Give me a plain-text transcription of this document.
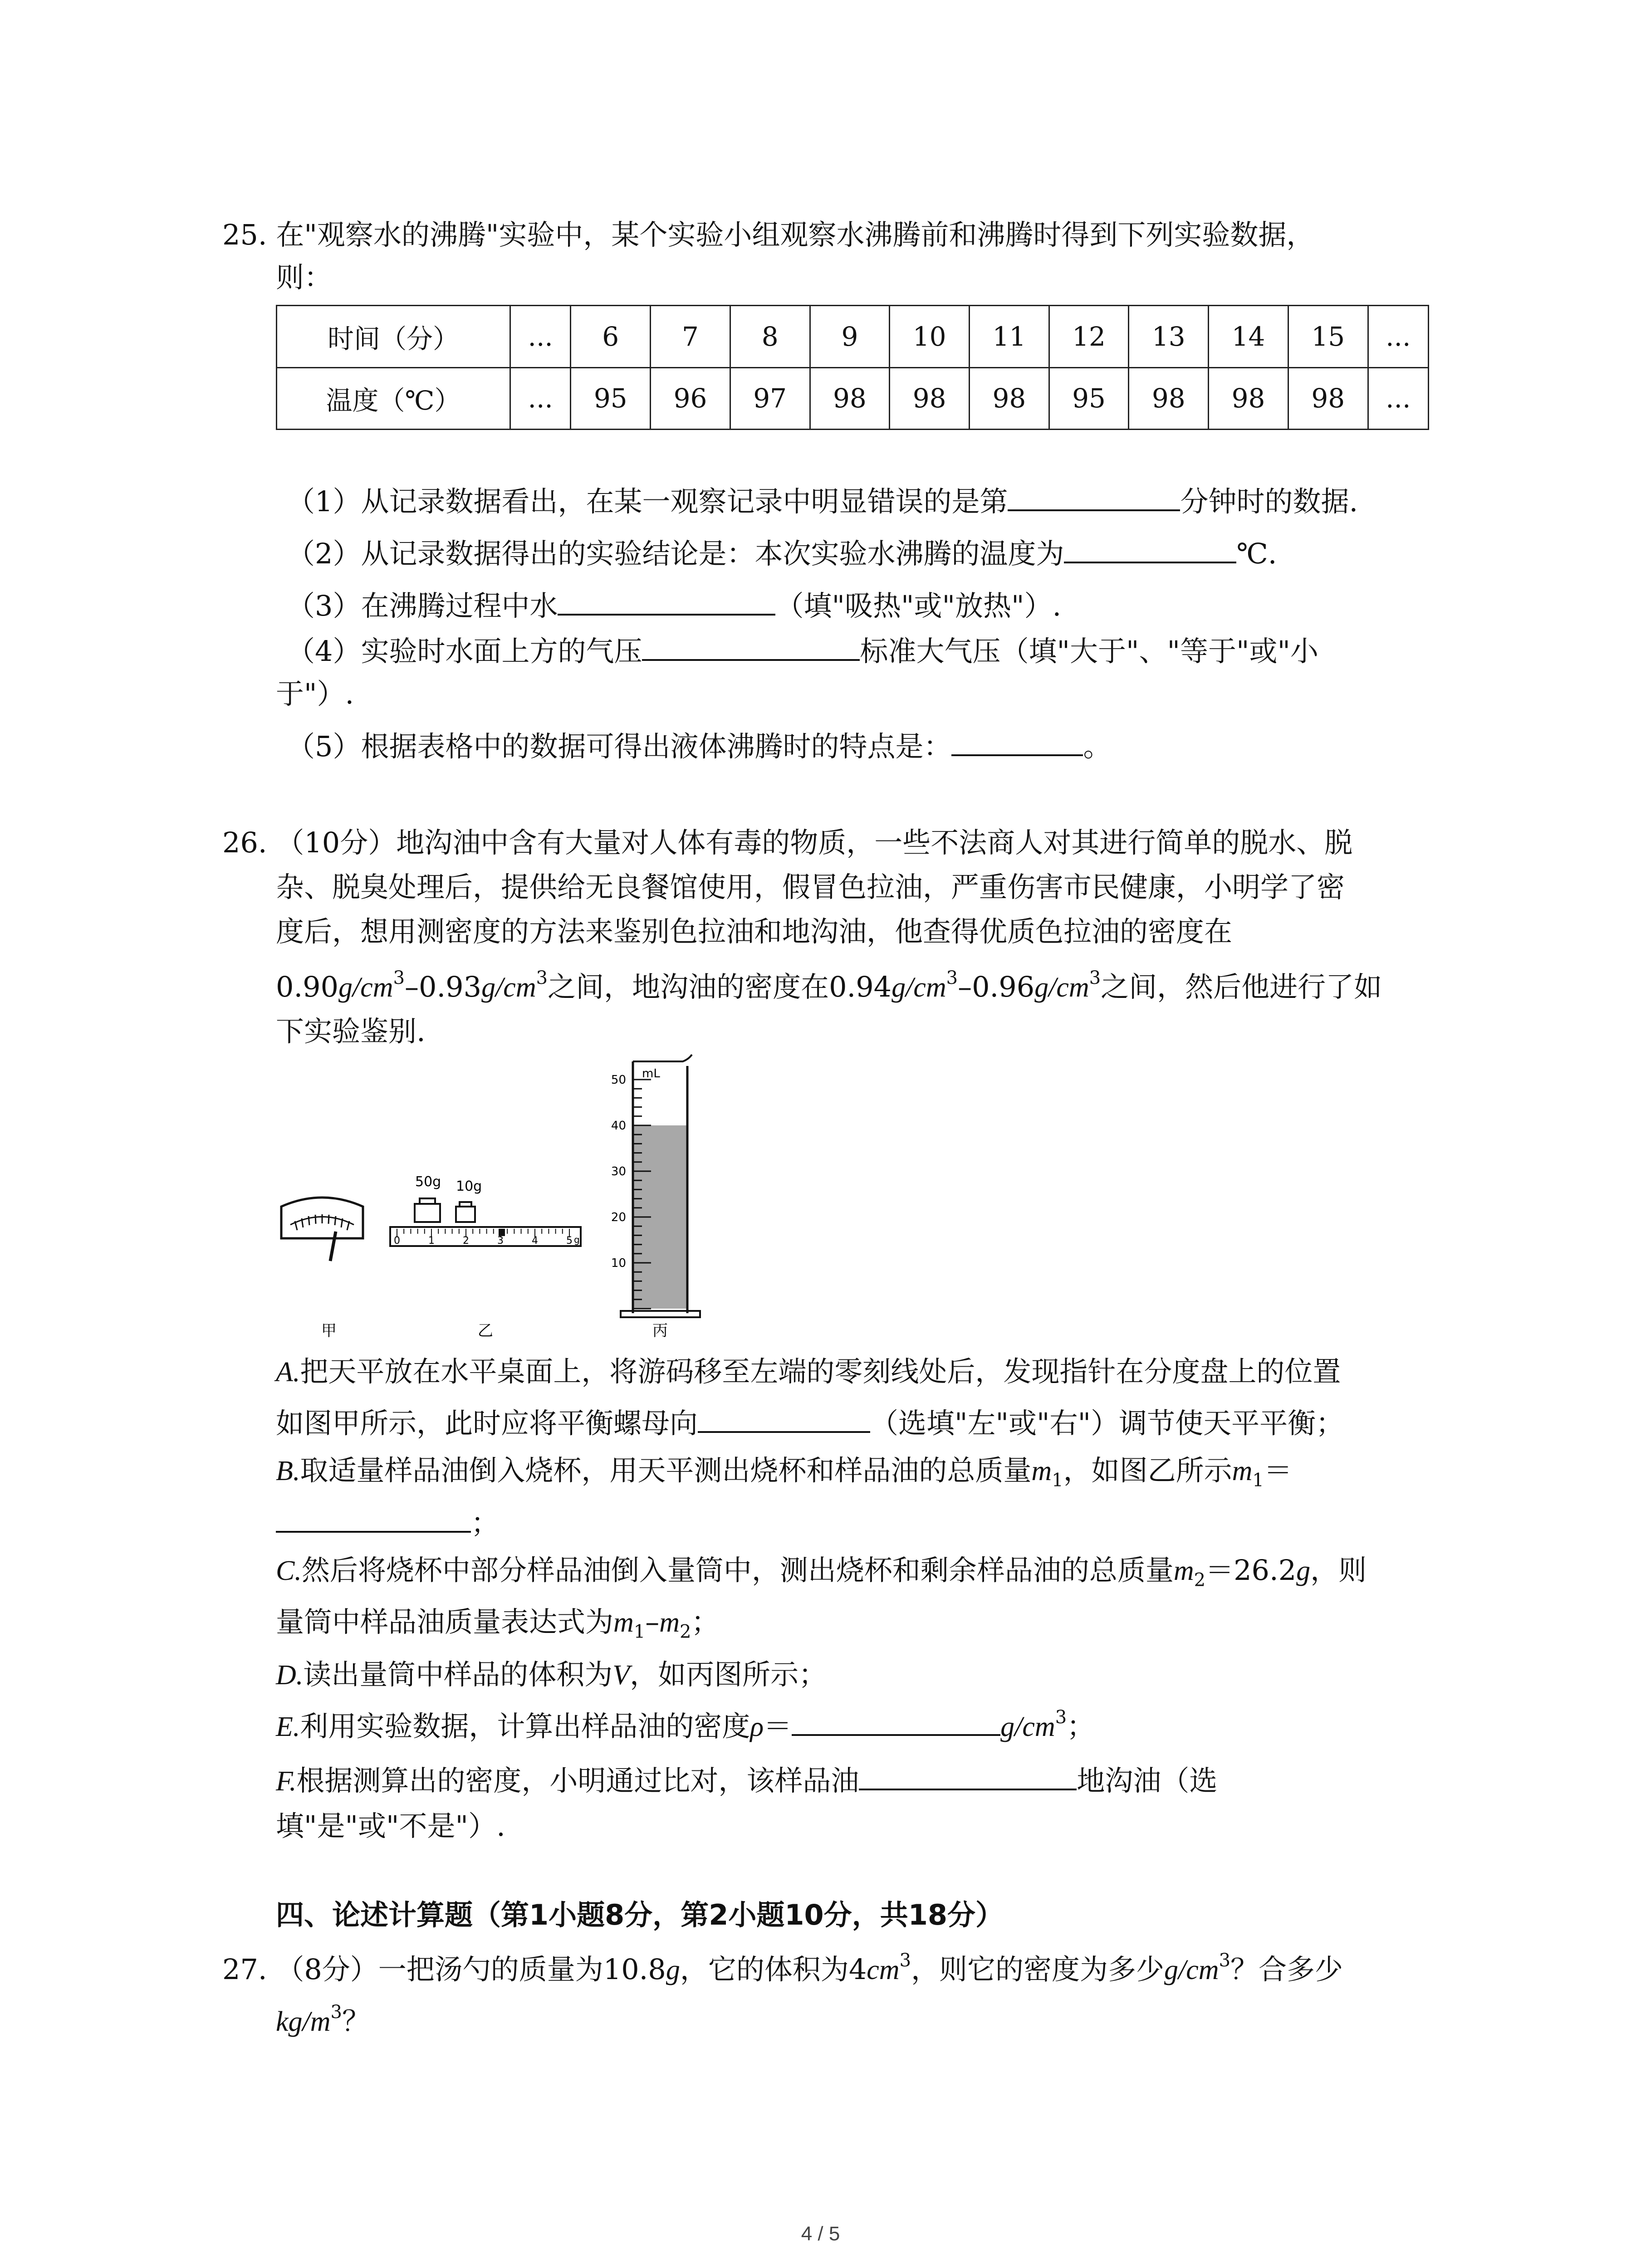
25. 在"观察水的沸腾"实验中，某个实验小组观察水沸腾前和沸腾时得到下列实验数据，
则：
时间（分）	...	6	7	8	9	10	11	12	13	14	15	...
温度（℃）	...	95	96	97	98	98	98	95	98	98	98	...
（1）从记录数据看出，在某一观察记录中明显错误的是第	分钟时的数据.
（2）从记录数据得出的实验结论是：本次实验水沸腾的温度为	℃.
（3）在沸腾过程中水	（填"吸热"或"放热"）.
（4）实验时水面上方的气压	标准大气压（填"大于"、"等于"或"小
于"）.
（5）根据表格中的数据可得出液体沸腾时的特点是：	。
26. （10分）地沟油中含有大量对人体有毒的物质，一些不法商人对其进行简单的脱水、脱
杂、脱臭处理后，提供给无良餐馆使用，假冒色拉油，严重伤害市民健康，小明学了密
度后，想用测密度的方法来鉴别色拉油和地沟油，他查得优质色拉油的密度在
$0.90g/cm^3-0.93g/cm^3$之间，地沟油的密度在$0.94g/cm^3-0.96g/cm^3$之间，然后他进行了如
下实验鉴别.
甲
50g 10g
0	1	2	3	4	5 g
乙
mL
50
40
30
20
10
丙
A.把天平放在水平桌面上，将游码移至左端的零刻线处后，发现指针在分度盘上的位置
如图甲所示，此时应将平衡螺母向	（选填"左"或"右"）调节使天平平衡；
B.取适量样品油倒入烧杯，用天平测出烧杯和样品油的总质量$m_1$，如图乙所示$m_1=$
；
C.然后将烧杯中部分样品油倒入量筒中，测出烧杯和剩余样品油的总质量$m_2=26.2g$，则
量筒中样品油质量表达式为$m_1-m_2$；
D.读出量筒中样品的体积为V，如丙图所示；
E.利用实验数据，计算出样品油的密度ρ＝	$g/cm^3$；
F.根据测算出的密度，小明通过比对，该样品油	地沟油（选
填"是"或"不是"）.
四、论述计算题（第1小题8分，第2小题10分，共18分）
27. （8分）一把汤勺的质量为10.8g，它的体积为$4cm^3$，则它的密度为多少$g/cm^3$？合多少
$kg/m^3$？
4 / 5
